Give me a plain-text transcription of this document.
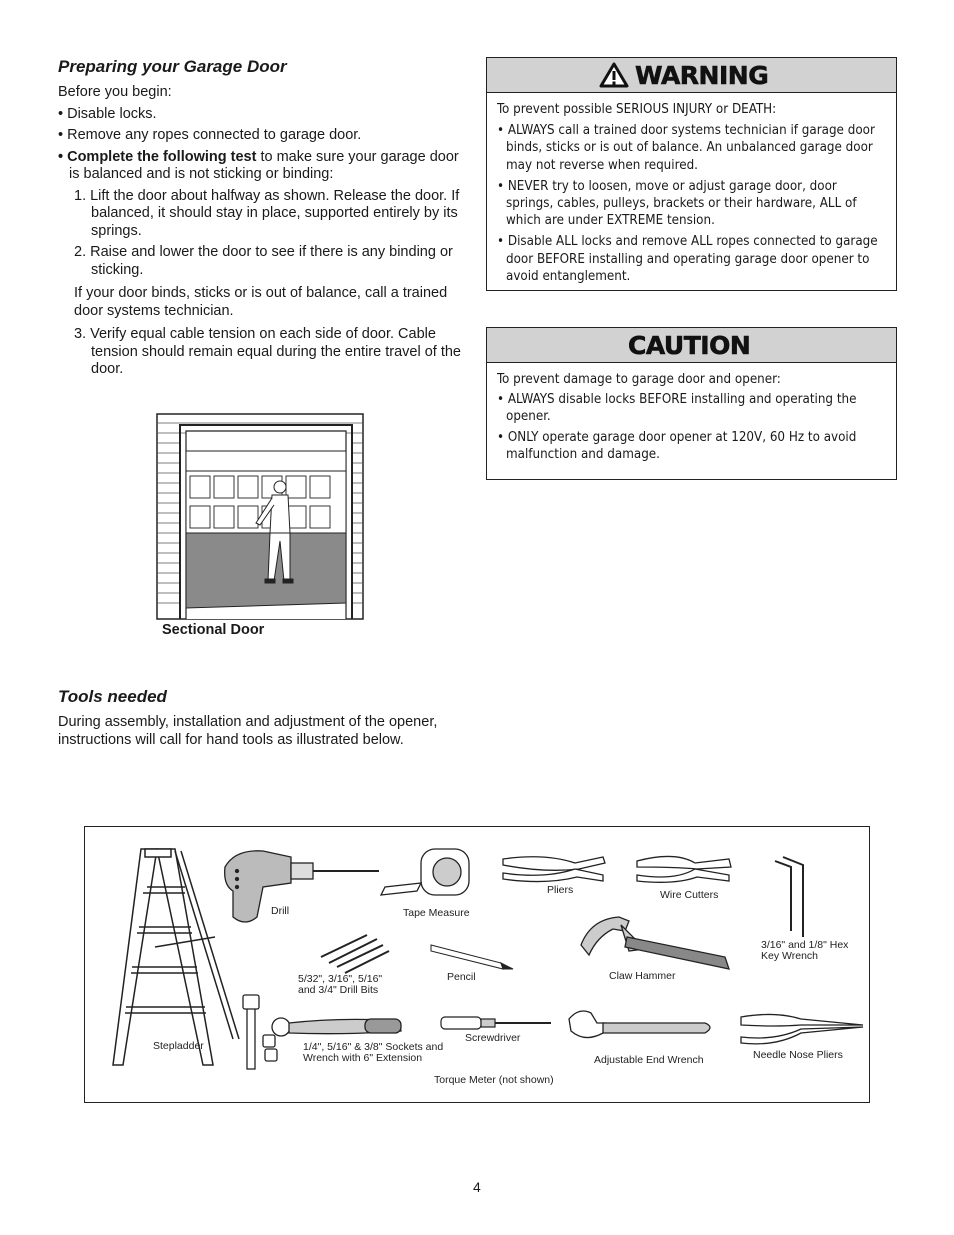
Preparing your Garage Door

Before you begin:

• Disable locks.

• Remove any ropes connected to garage door.

• Complete the following test to make sure your garage door is balanced and is not sticking or binding:

1. Lift the door about halfway as shown. Release the door. If balanced, it should stay in place, supported entirely by its springs.

2. Raise and lower the door to see if there is any binding or sticking.

If your door binds, sticks or is out of balance, call a trained door systems technician.

3. Verify equal cable tension on each side of door. Cable tension should remain equal during the entire travel of the door.

Sectional Door
Tools needed

During assembly, installation and adjustment of the opener, instructions will call for hand tools as illustrated below.

WARNING

To prevent possible SERIOUS INJURY or DEATH:

• ALWAYS call a trained door systems technician if garage door binds, sticks or is out of balance. An unbalanced garage door may not reverse when required.

• NEVER try to loosen, move or adjust garage door, door springs, cables, pulleys, brackets or their hardware, ALL of which are under EXTREME tension.

• Disable ALL locks and remove ALL ropes connected to garage door BEFORE installing and operating garage door opener to avoid entanglement.

CAUTION

To prevent damage to garage door and opener:

• ALWAYS disable locks BEFORE installing and operating the opener.

• ONLY operate garage door opener at 120V, 60 Hz to avoid malfunction and damage.

Drill	Tape Measure
Pliers	Wire Cutters
3/16" and 1/8" Hex Key Wrench
5/32", 3/16", 5/16" and 3/4" Drill Bits
Pencil	Claw Hammer
Stepladder	1/4", 5/16" & 3/8" Sockets and Wrench with 6" Extension
Screwdriver
Adjustable End Wrench	Needle Nose Pliers
Torque Meter (not shown)
4
